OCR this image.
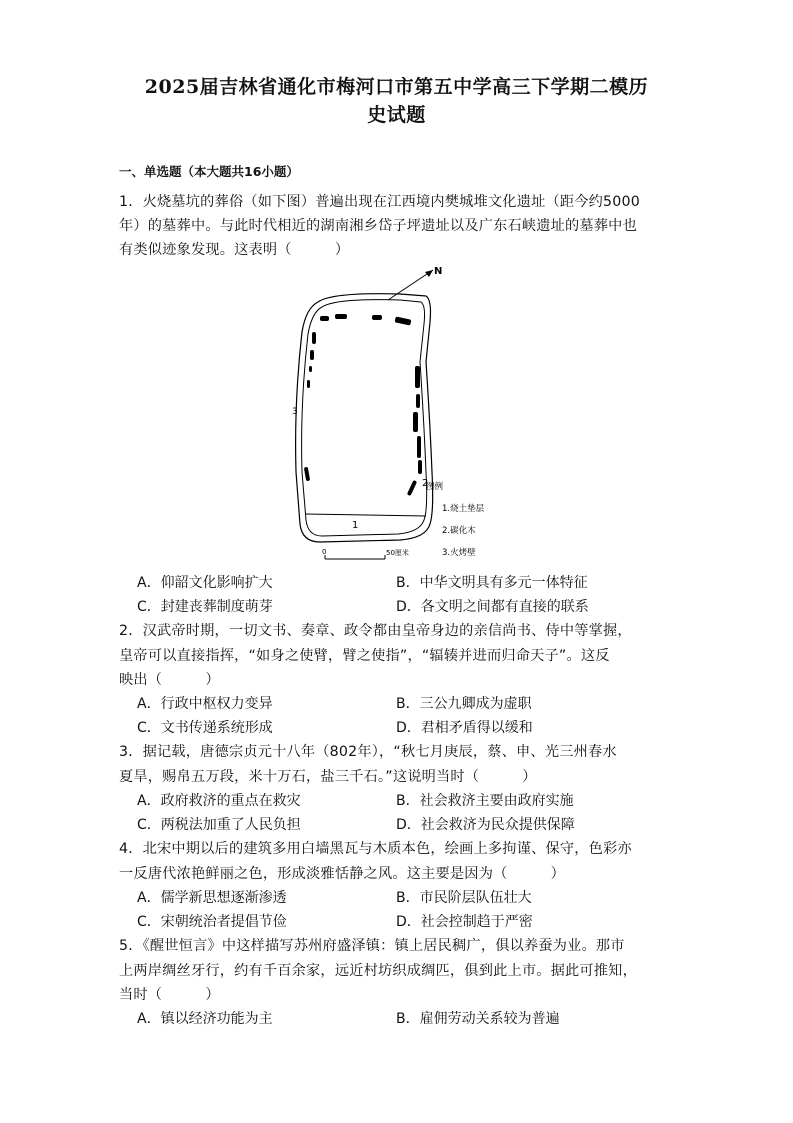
2025届吉林省通化市梅河口市第五中学高三下学期二模历
史试题
一、单选题（本大题共16小题）
1．火烧墓坑的葬俗（如下图）普遍出现在江西境内樊城堆文化遗址（距今约5000
年）的墓葬中。与此时代相近的湖南湘乡岱子坪遗址以及广东石峡遗址的墓葬中也
有类似迹象发现。这表明（　　　）
N
1
2
3
图例
1.烧土垫层
2.碳化木
3.火烤壁
0	50厘米
A．仰韶文化影响扩大	B．中华文明具有多元一体特征
C．封建丧葬制度萌芽	D．各文明之间都有直接的联系
2．汉武帝时期，一切文书、奏章、政令都由皇帝身边的亲信尚书、侍中等掌握，
皇帝可以直接指挥，“如身之使臂，臂之使指”，“辐辏并进而归命天子”。这反
映出（　　　）
A．行政中枢权力变异	B．三公九卿成为虚职
C．文书传递系统形成	D．君相矛盾得以缓和
3．据记载，唐德宗贞元十八年（802年），“秋七月庚辰，蔡、申、光三州春水
夏旱，赐帛五万段，米十万石，盐三千石。”这说明当时（　　　）
A．政府救济的重点在救灾	B．社会救济主要由政府实施
C．两税法加重了人民负担	D．社会救济为民众提供保障
4．北宋中期以后的建筑多用白墙黑瓦与木质本色，绘画上多拘谨、保守，色彩亦
一反唐代浓艳鲜丽之色，形成淡雅恬静之风。这主要是因为（　　　）
A．儒学新思想逐渐渗透	B．市民阶层队伍壮大
C．宋朝统治者提倡节俭	D．社会控制趋于严密
5．《醒世恒言》中这样描写苏州府盛泽镇：镇上居民稠广，俱以养蚕为业。那市
上两岸绸丝牙行，约有千百余家，远近村坊织成绸匹，俱到此上市。据此可推知，
当时（　　　）
A．镇以经济功能为主	B．雇佣劳动关系较为普遍
